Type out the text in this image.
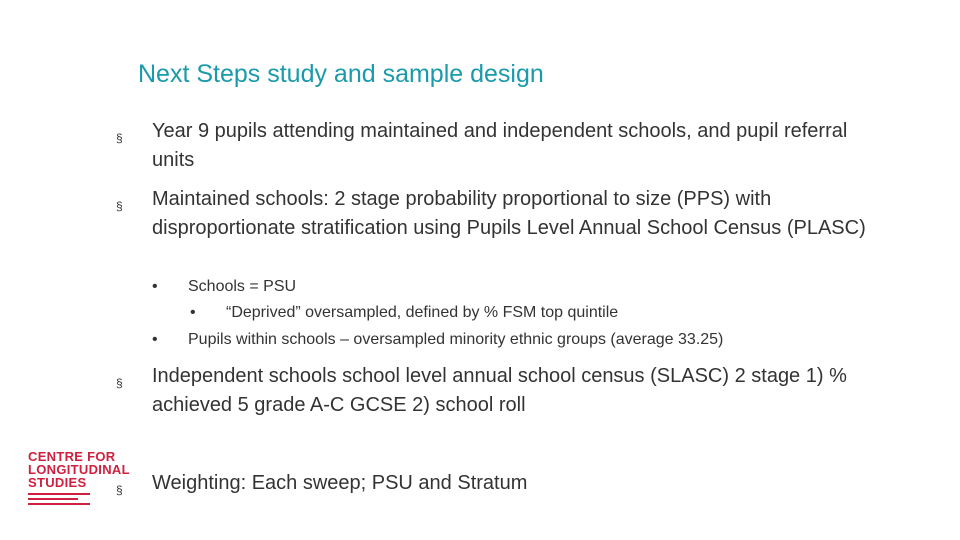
Next Steps study and sample design
§ Year 9 pupils attending maintained and independent schools, and pupil referral units
§ Maintained schools: 2 stage probability proportional to size (PPS) with disproportionate stratification using Pupils Level Annual School Census (PLASC)
• Schools = PSU
• “Deprived” oversampled, defined by % FSM top quintile
• Pupils within schools – oversampled minority ethnic groups (average 33.25)
§ Independent schools school level annual school census (SLASC) 2 stage 1) % achieved 5 grade A-C GCSE 2) school roll
CENTRE FOR
LONGITUDINAL
STUDIES	§ Weighting: Each sweep; PSU and Stratum
